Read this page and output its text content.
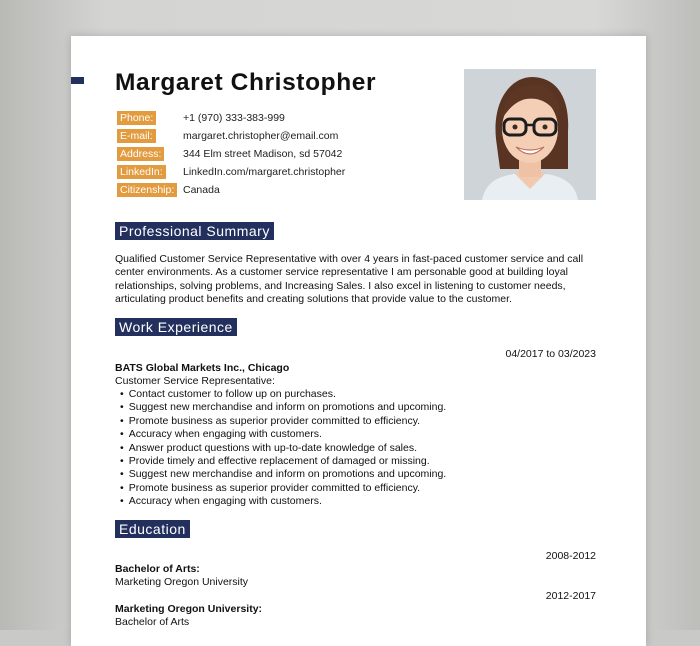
Margaret Christopher
Phone:	+1 (970) 333-383-999
E-mail:	margaret.christopher@email.com
Address: 344 Elm street Madison, sd 57042
LinkedIn: LinkedIn.com/margaret.christopher
Citizenship: Canada
Professional Summary
Qualified Customer Service Representative with over 4 years in fast-paced customer service and call center environments. As a customer service representative I am personable good at building loyal relationships, solving problems, and Increasing Sales. I also excel in listening to customer needs, articulating product benefits and creating solutions that provide value to the customer.
Work Experience
04/2017 to 03/2023
BATS Global Markets Inc., Chicago
Customer Service Representative:
• Contact customer to follow up on purchases.
• Suggest new merchandise and inform on promotions and upcoming.
• Promote business as superior provider committed to efficiency.
• Accuracy when engaging with customers.
• Answer product questions with up-to-date knowledge of sales.
• Provide timely and effective replacement of damaged or missing.
• Suggest new merchandise and inform on promotions and upcoming.
• Promote business as superior provider committed to efficiency.
• Accuracy when engaging with customers.
Education
2008-2012
Bachelor of Arts:
Marketing Oregon University
2012-2017
Marketing Oregon University:
Bachelor of Arts
